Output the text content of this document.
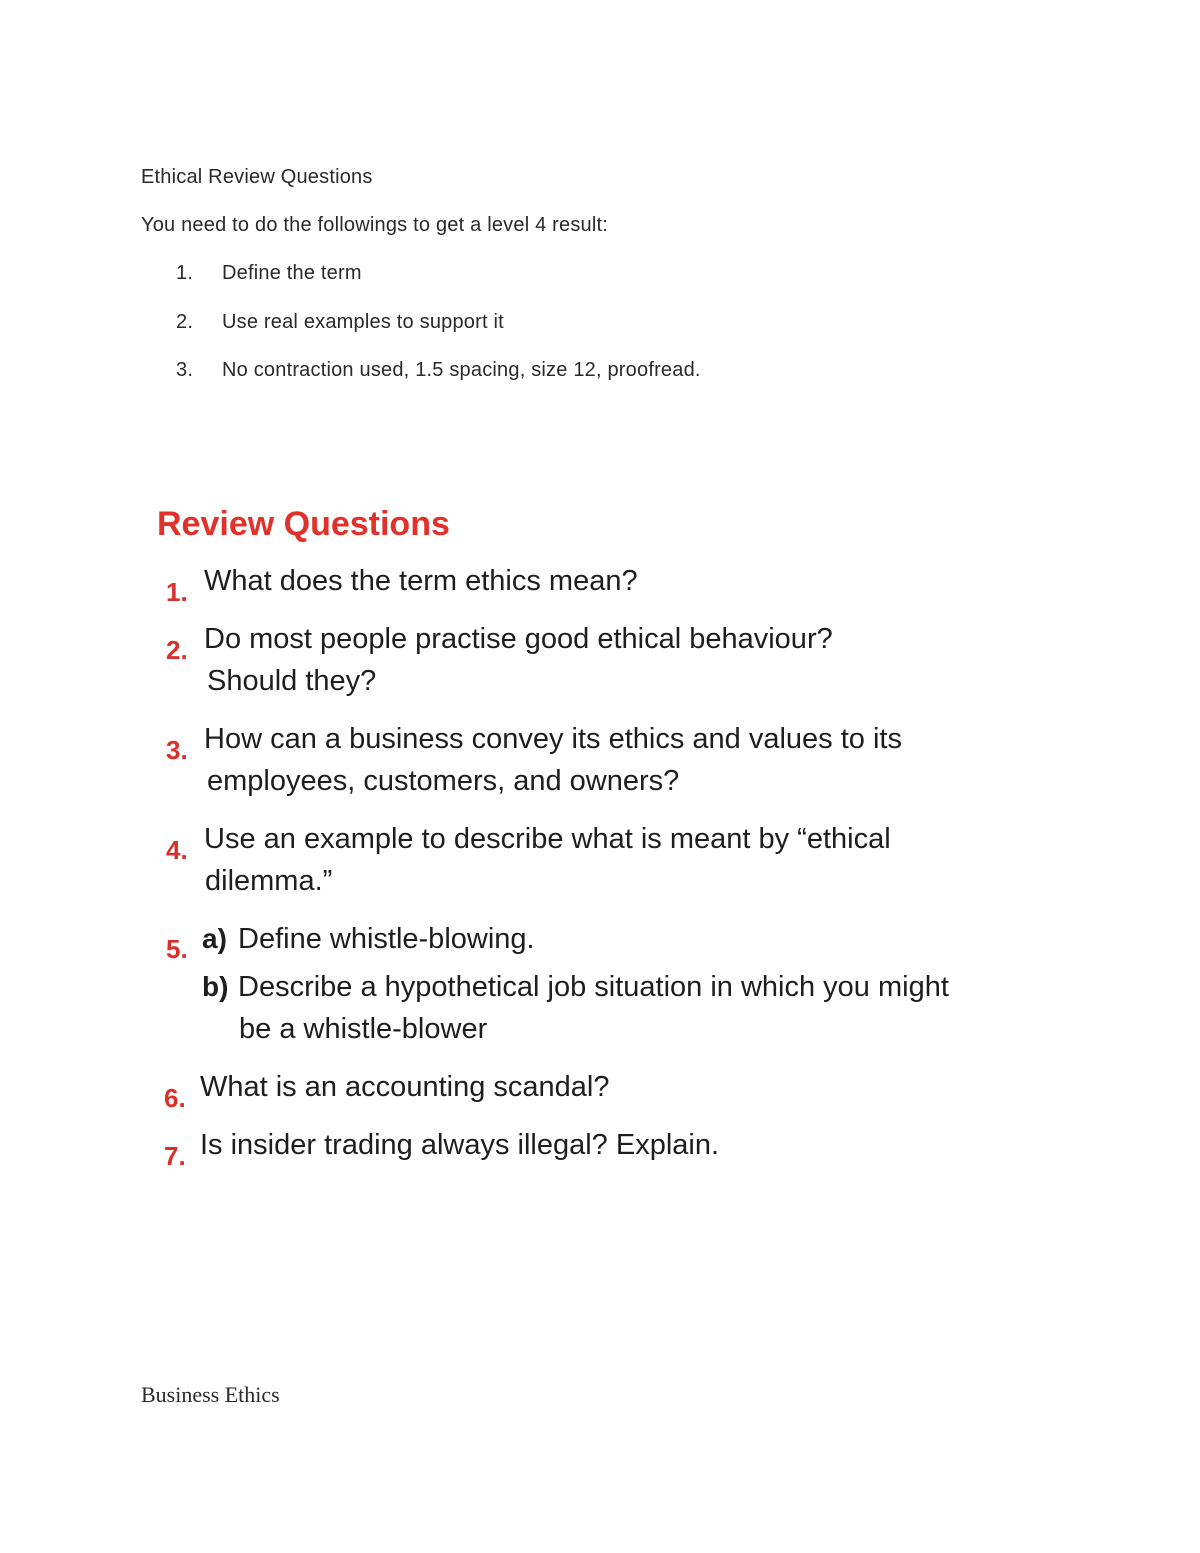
Ethical Review Questions
You need to do the followings to get a level 4 result:
1. Define the term
2. Use real examples to support it
3. No contraction used, 1.5 spacing, size 12, proofread.
Review Questions
1. What does the term ethics mean?
2. Do most people practise good ethical behaviour?
Should they?
3. How can a business convey its ethics and values to its
employees, customers, and owners?
4. Use an example to describe what is meant by “ethical
dilemma.”
5. a) Define whistle-blowing.
b) Describe a hypothetical job situation in which you might
be a whistle-blower
6. What is an accounting scandal?
7. Is insider trading always illegal? Explain.
Business Ethics
